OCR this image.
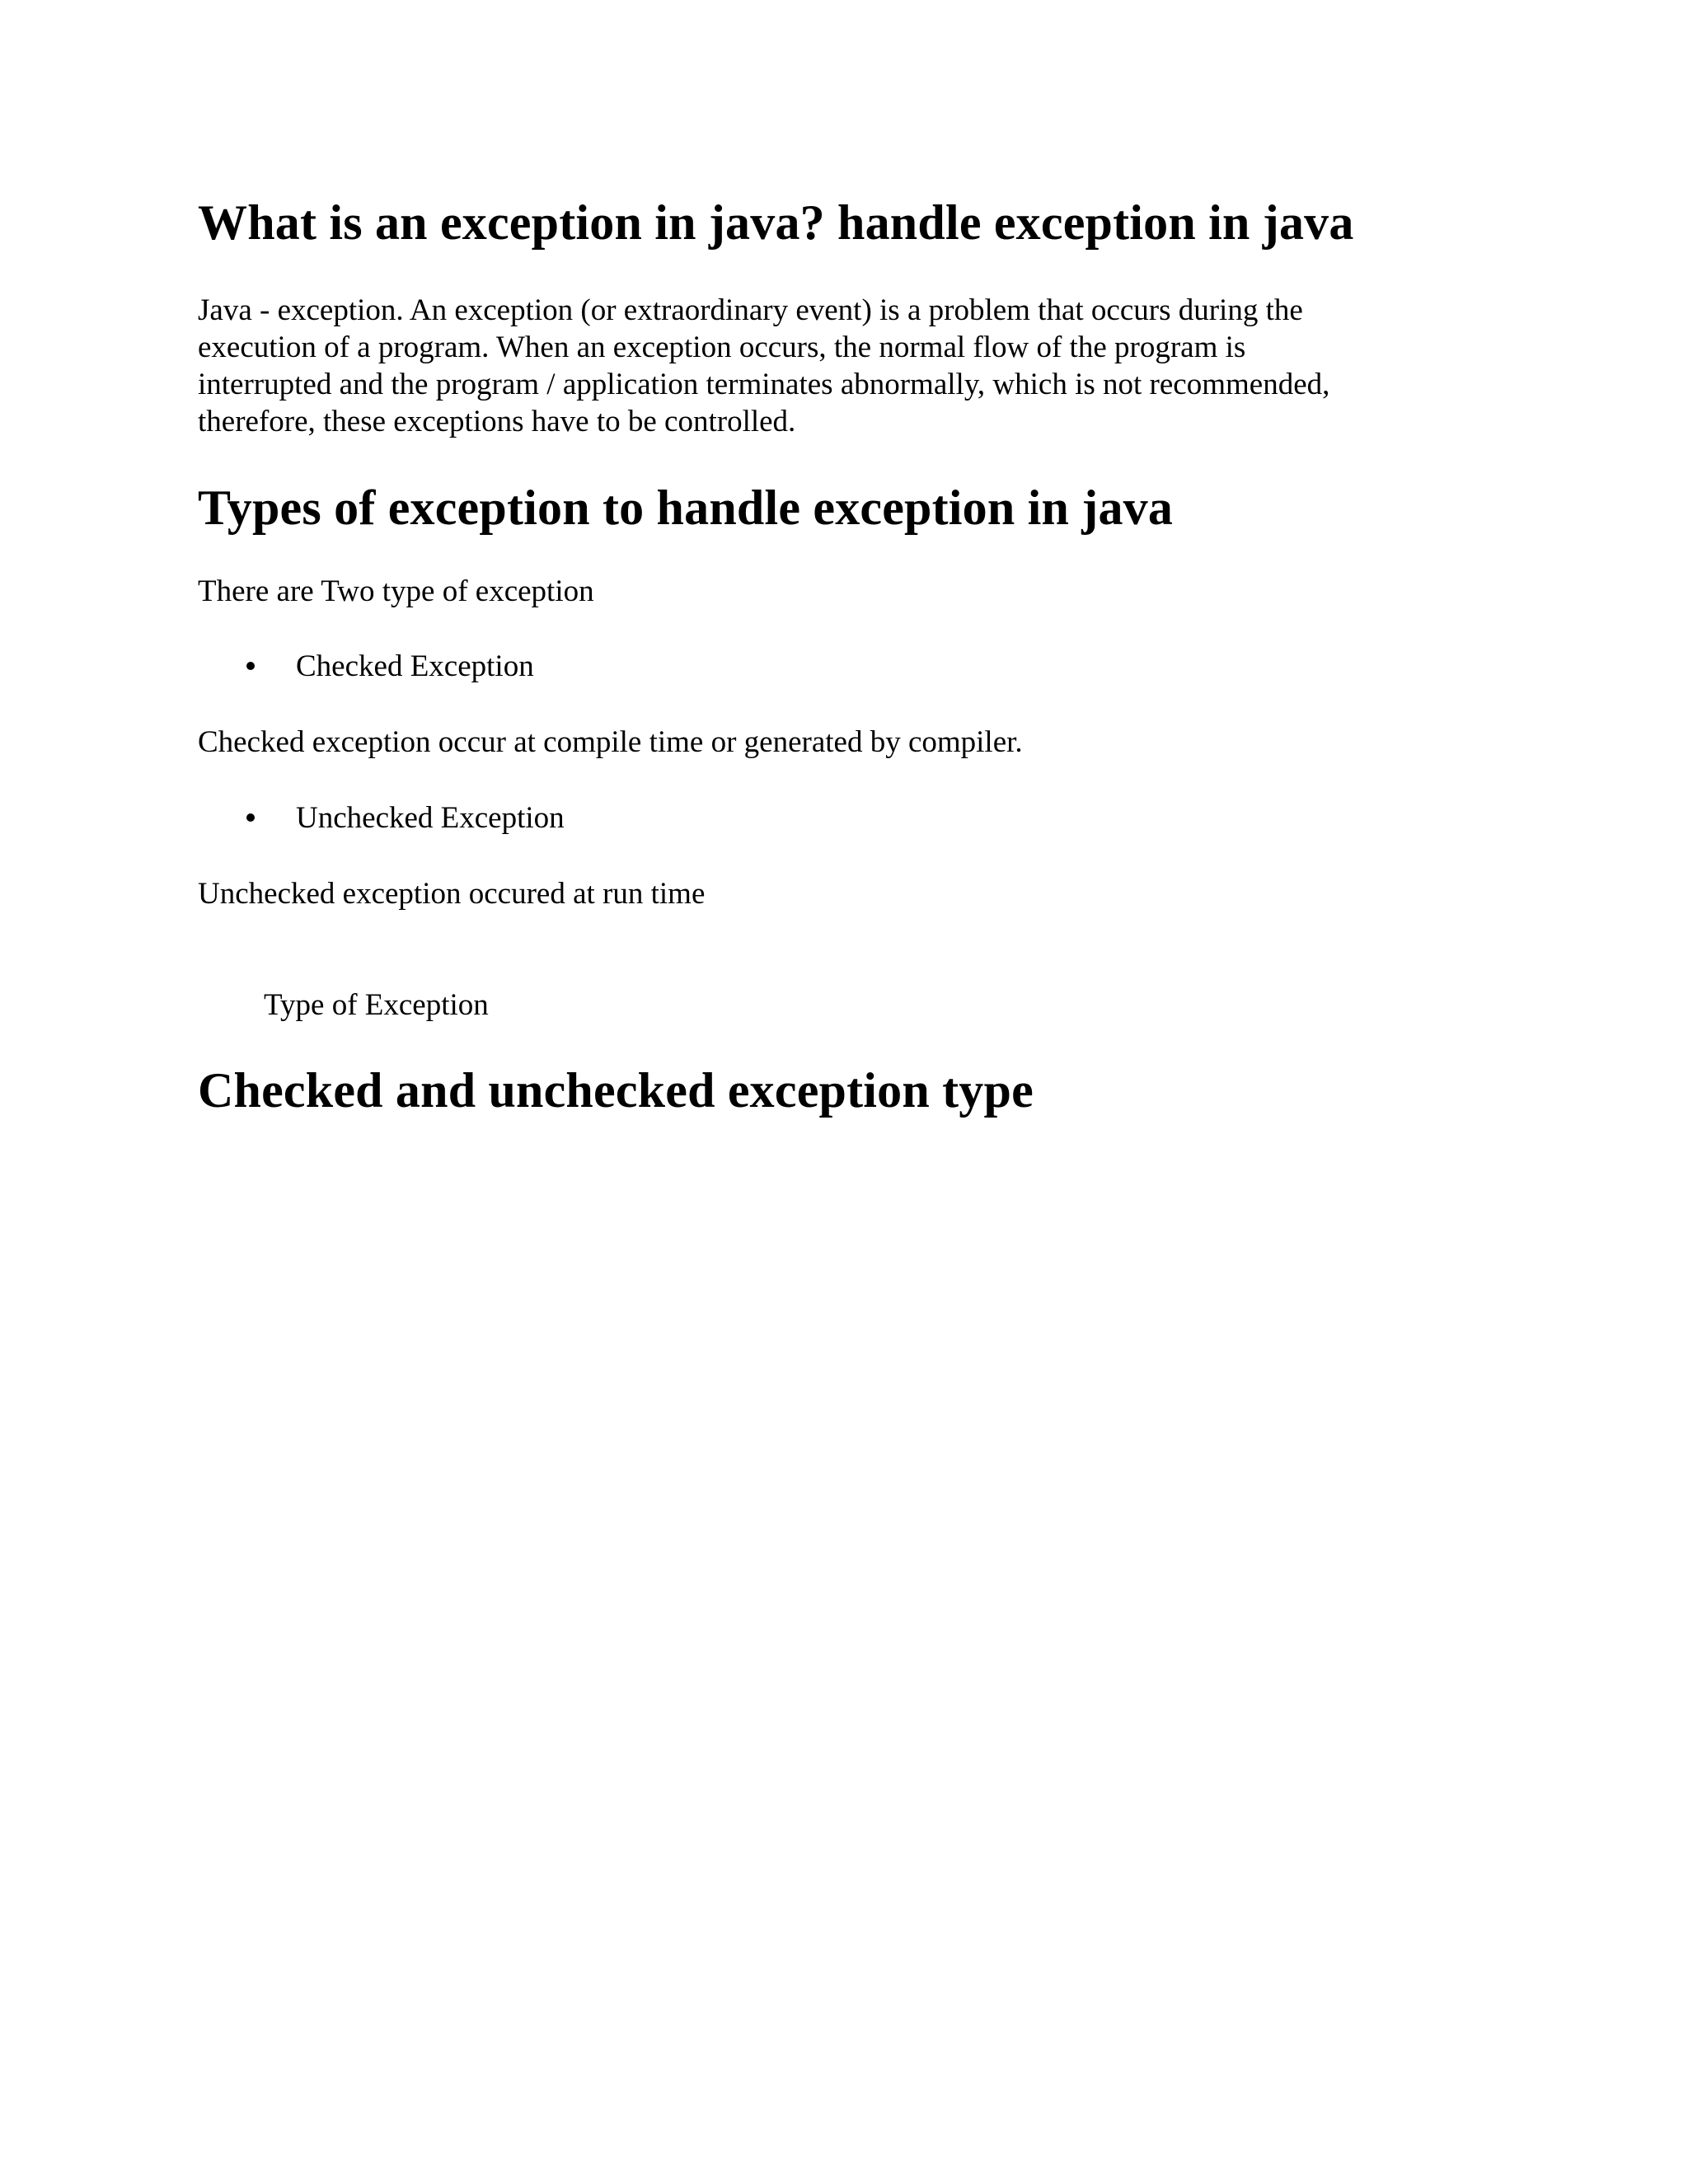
What is an exception in java? handle exception in java
Java - exception. An exception (or extraordinary event) is a problem that occurs during the
execution of a program. When an exception occurs, the normal flow of the program is
interrupted and the program / application terminates abnormally, which is not recommended,
therefore, these exceptions have to be controlled.
Types of exception to handle exception in java
There are Two type of exception
Checked Exception
Checked exception occur at compile time or generated by compiler.
Unchecked Exception
Unchecked exception occured at run time
Type of Exception
Checked and unchecked exception type
